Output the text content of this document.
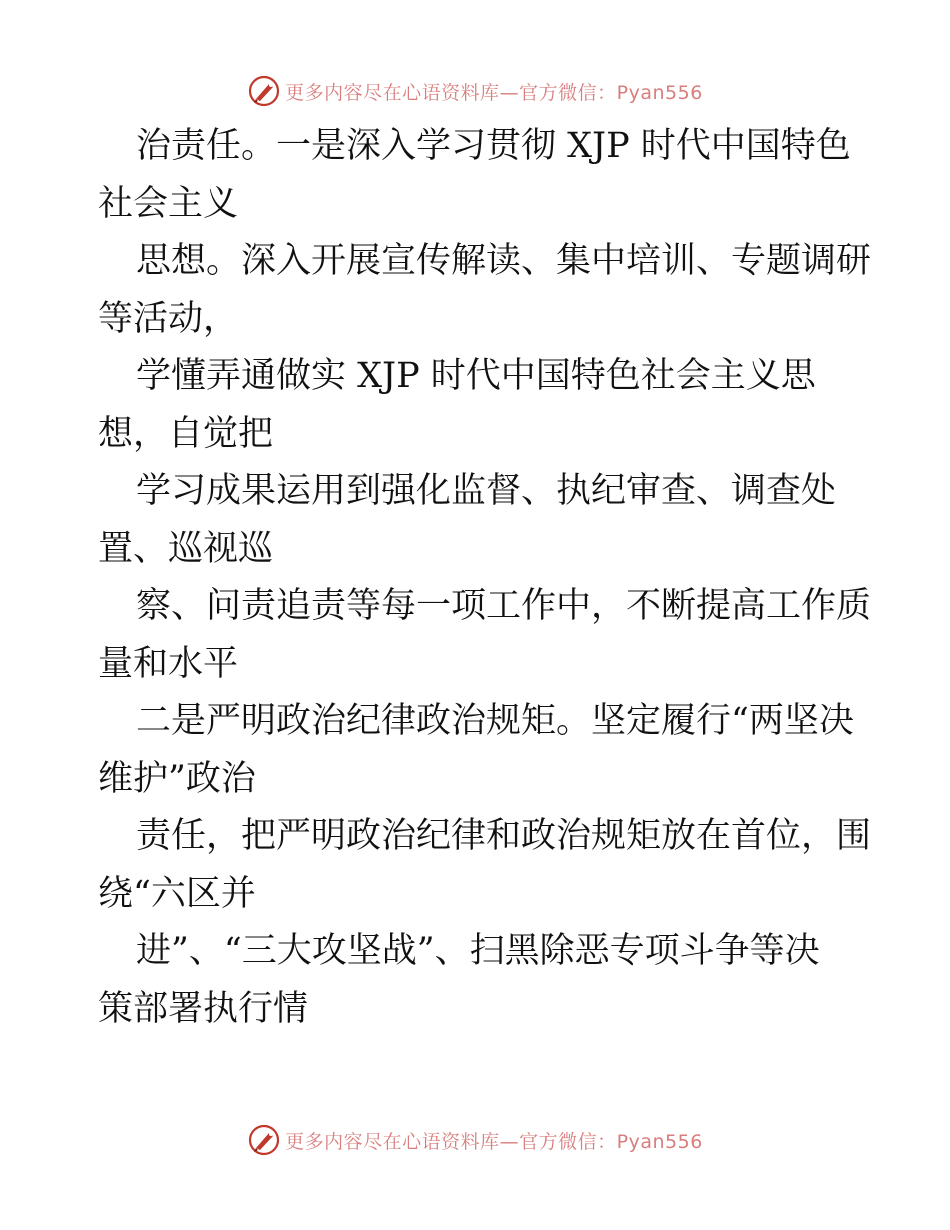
更多内容尽在心语资料库—官方微信：Pyan556

治责任。一是深入学习贯彻 XJP 时代中国特色
社会主义

思想。深入开展宣传解读、集中培训、专题调研
等活动，

学懂弄通做实 XJP 时代中国特色社会主义思
想，自觉把

学习成果运用到强化监督、执纪审查、调查处
置、巡视巡

察、问责追责等每一项工作中，不断提高工作质
量和水平

二是严明政治纪律政治规矩。坚定履行“两坚决
维护”政治

责任，把严明政治纪律和政治规矩放在首位，围
绕“六区并

进”、“三大攻坚战”、扫黑除恶专项斗争等决
策部署执行情

更多内容尽在心语资料库—官方微信：Pyan556
